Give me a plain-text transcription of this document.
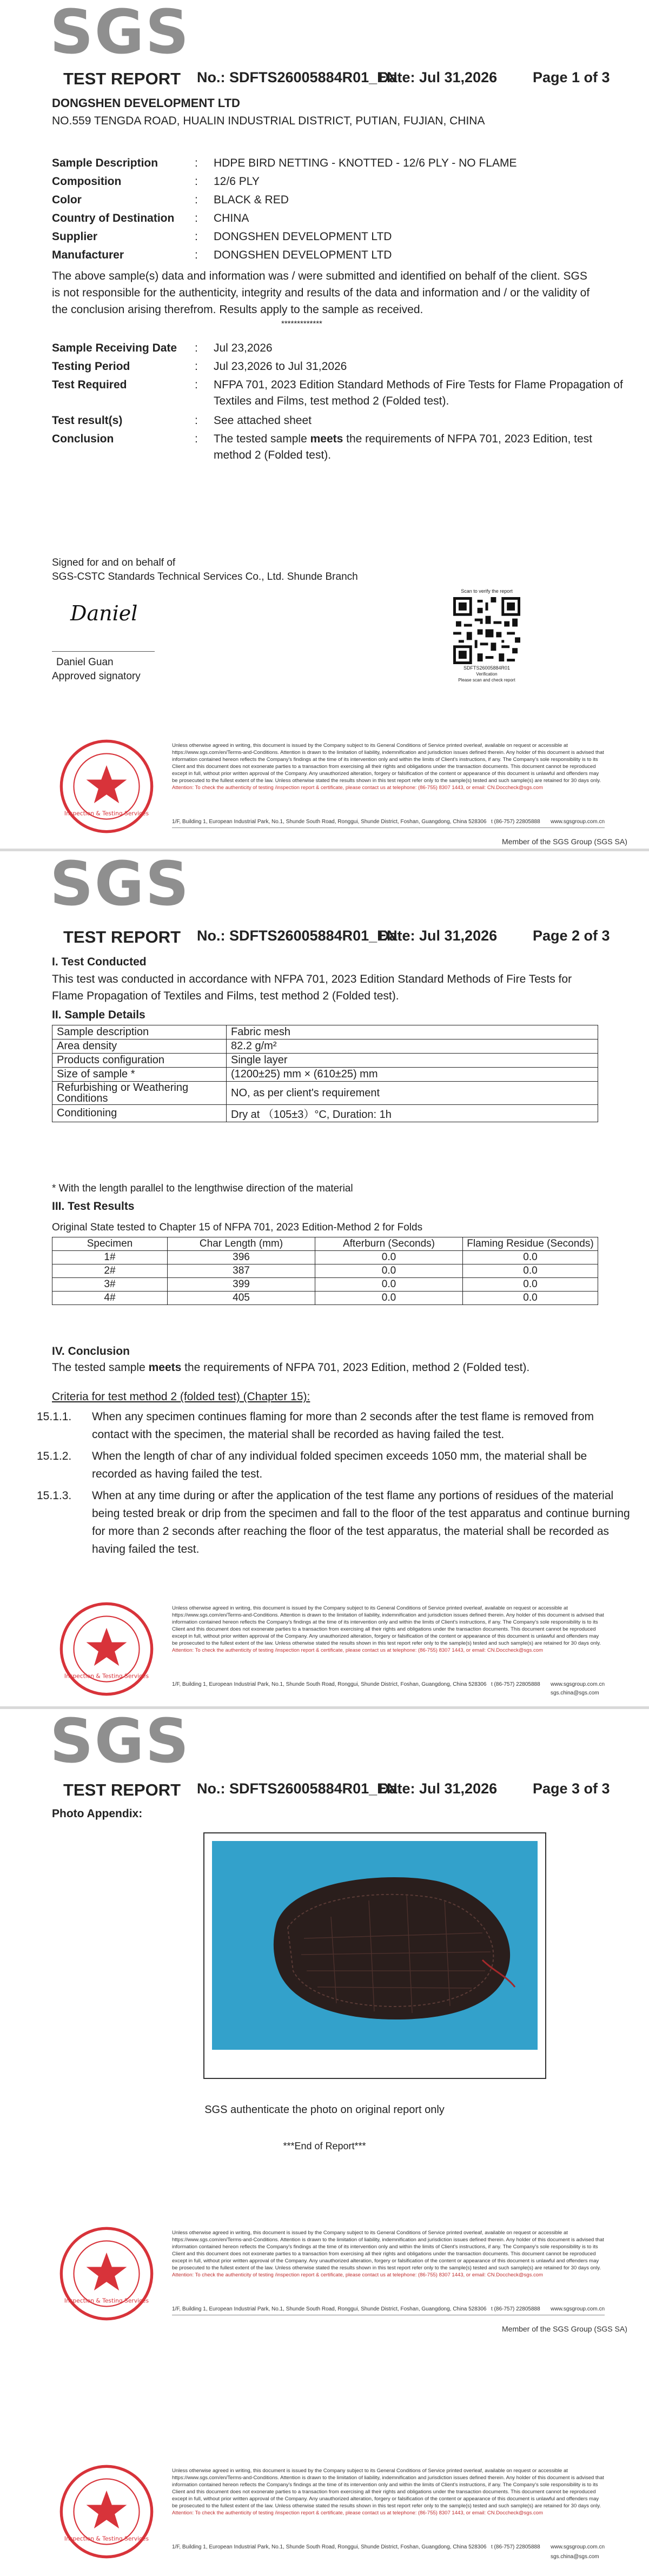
SGS
TEST REPORT No.: SDFTS26005884R01_EN
Date: Jul 31,2026 Page 1 of 3
DONGSHEN DEVELOPMENT LTD
NO.559 TENGDA ROAD, HUALIN INDUSTRIAL DISTRICT, PUTIAN, FUJIAN, CHINA
Sample Description	: HDPE BIRD NETTING - KNOTTED - 12/6 PLY - NO FLAME
Composition	: 12/6 PLY
Color	: BLACK & RED
Country of Destination : CHINA
Supplier	: DONGSHEN DEVELOPMENT LTD
Manufacturer	: DONGSHEN DEVELOPMENT LTD
The above sample(s) data and information was / were submitted and identified on behalf of the client. SGS is not responsible for the authenticity, integrity and results of the data and information and / or the validity of the conclusion arising therefrom. Results apply to the sample as received.
*************
Sample Receiving Date : Jul 23,2026
Testing Period	: Jul 23,2026 to Jul 31,2026
Test Required	: NFPA 701, 2023 Edition Standard Methods of Fire Tests for Flame Propagation of Textiles and Films, test method 2 (Folded test).
Test result(s)	: See attached sheet
Conclusion	: The tested sample meets the requirements of NFPA 701, 2023 Edition, test method 2 (Folded test).
Signed for and on behalf of
SGS-CSTC Standards Technical Services Co., Ltd. Shunde Branch
Daniel
Daniel Guan
Approved signatory
Scan to verify the report
SDFTS26005884R01
Verification
Please scan and check report
Inspection & Testing Services
Unless otherwise agreed in writing, this document is issued by the Company subject to its General Conditions of Service printed overleaf, available on request or accessible at https://www.sgs.com/en/Terms-and-Conditions. Attention is drawn to the limitation of liability, indemnification and jurisdiction issues defined therein. Any holder of this document is advised that information contained hereon reflects the Company's findings at the time of its intervention only and within the limits of Client's instructions, if any. The Company's sole responsibility is to its Client and this document does not exonerate parties to a transaction from exercising all their rights and obligations under the transaction documents. This document cannot be reproduced except in full, without prior written approval of the Company. Any unauthorized alteration, forgery or falsification of the content or appearance of this document is unlawful and offenders may be prosecuted to the fullest extent of the law. Unless otherwise stated the results shown in this test report refer only to the sample(s) tested and such sample(s) are retained for 30 days only.
Attention: To check the authenticity of testing /inspection report & certificate, please contact us at telephone: (86-755) 8307 1443, or email: CN.Doccheck@sgs.com
1/F, Building 1, European Industrial Park, No.1, Shunde South Road, Ronggui, Shunde District, Foshan, Guangdong, China 528306 t (86-757) 22805888 www.sgsgroup.com.cn
Member of the SGS Group (SGS SA)
SGS
TEST REPORT No.: SDFTS26005884R01_EN
Date: Jul 31,2026 Page 2 of 3
I. Test Conducted
This test was conducted in accordance with NFPA 701, 2023 Edition Standard Methods of Fire Tests for Flame Propagation of Textiles and Films, test method 2 (Folded test).
II. Sample Details
Sample description	Fabric mesh
Area density	82.2 g/m²
Products configuration	Single layer
Size of sample *	(1200±25) mm × (610±25) mm
Refurbishing or Weathering Conditions	NO, as per client's requirement
Conditioning	Dry at （105±3）°C, Duration: 1h
* With the length parallel to the lengthwise direction of the material
III. Test Results
Original State tested to Chapter 15 of NFPA 701, 2023 Edition-Method 2 for Folds
Specimen	Char Length (mm)	Afterburn (Seconds)	Flaming Residue (Seconds)
1#	396	0.0	0.0
2#	387	0.0	0.0
3#	399	0.0	0.0
4#	405	0.0	0.0
IV. Conclusion
The tested sample meets the requirements of NFPA 701, 2023 Edition, method 2 (Folded test).
Criteria for test method 2 (folded test) (Chapter 15):
15.1.1. When any specimen continues flaming for more than 2 seconds after the test flame is removed from contact with the specimen, the material shall be recorded as having failed the test.
15.1.2. When the length of char of any individual folded specimen exceeds 1050 mm, the material shall be recorded as having failed the test.
15.1.3. When at any time during or after the application of the test flame any portions of residues of the material being tested break or drip from the specimen and fall to the floor of the test apparatus and continue burning for more than 2 seconds after reaching the floor of the test apparatus, the material shall be recorded as having failed the test.
Inspection & Testing Services
Unless otherwise agreed in writing, this document is issued by the Company subject to its General Conditions of Service printed overleaf, available on request or accessible at https://www.sgs.com/en/Terms-and-Conditions. Attention is drawn to the limitation of liability, indemnification and jurisdiction issues defined therein. Any holder of this document is advised that information contained hereon reflects the Company's findings at the time of its intervention only and within the limits of Client's instructions, if any. The Company's sole responsibility is to its Client and this document does not exonerate parties to a transaction from exercising all their rights and obligations under the transaction documents. This document cannot be reproduced except in full, without prior written approval of the Company. Any unauthorized alteration, forgery or falsification of the content or appearance of this document is unlawful and offenders may be prosecuted to the fullest extent of the law. Unless otherwise stated the results shown in this test report refer only to the sample(s) tested and such sample(s) are retained for 30 days only.
Attention: To check the authenticity of testing /inspection report & certificate, please contact us at telephone: (86-755) 8307 1443, or email: CN.Doccheck@sgs.com
1/F, Building 1, European Industrial Park, No.1, Shunde South Road, Ronggui, Shunde District, Foshan, Guangdong, China 528306 t (86-757) 22805888 www.sgsgroup.com.cn
sgs.china@sgs.com
SGS
TEST REPORT No.: SDFTS26005884R01_EN
Date: Jul 31,2026 Page 3 of 3
Photo Appendix:
SGS authenticate the photo on original report only
***End of Report***
Inspection & Testing Services
Unless otherwise agreed in writing, this document is issued by the Company subject to its General Conditions of Service printed overleaf, available on request or accessible at https://www.sgs.com/en/Terms-and-Conditions. Attention is drawn to the limitation of liability, indemnification and jurisdiction issues defined therein. Any holder of this document is advised that information contained hereon reflects the Company's findings at the time of its intervention only and within the limits of Client's instructions, if any. The Company's sole responsibility is to its Client and this document does not exonerate parties to a transaction from exercising all their rights and obligations under the transaction documents. This document cannot be reproduced except in full, without prior written approval of the Company. Any unauthorized alteration, forgery or falsification of the content or appearance of this document is unlawful and offenders may be prosecuted to the fullest extent of the law. Unless otherwise stated the results shown in this test report refer only to the sample(s) tested and such sample(s) are retained for 30 days only.
Attention: To check the authenticity of testing /inspection report & certificate, please contact us at telephone: (86-755) 8307 1443, or email: CN.Doccheck@sgs.com
1/F, Building 1, European Industrial Park, No.1, Shunde South Road, Ronggui, Shunde District, Foshan, Guangdong, China 528306 t (86-757) 22805888 www.sgsgroup.com.cn
Member of the SGS Group (SGS SA)
Inspection & Testing Services
Unless otherwise agreed in writing, this document is issued by the Company subject to its General Conditions of Service printed overleaf, available on request or accessible at https://www.sgs.com/en/Terms-and-Conditions. Attention is drawn to the limitation of liability, indemnification and jurisdiction issues defined therein. Any holder of this document is advised that information contained hereon reflects the Company's findings at the time of its intervention only and within the limits of Client's instructions, if any. The Company's sole responsibility is to its Client and this document does not exonerate parties to a transaction from exercising all their rights and obligations under the transaction documents. This document cannot be reproduced except in full, without prior written approval of the Company. Any unauthorized alteration, forgery or falsification of the content or appearance of this document is unlawful and offenders may be prosecuted to the fullest extent of the law. Unless otherwise stated the results shown in this test report refer only to the sample(s) tested and such sample(s) are retained for 30 days only.
Attention: To check the authenticity of testing /inspection report & certificate, please contact us at telephone: (86-755) 8307 1443, or email: CN.Doccheck@sgs.com
1/F, Building 1, European Industrial Park, No.1, Shunde South Road, Ronggui, Shunde District, Foshan, Guangdong, China 528306 t (86-757) 22805888 www.sgsgroup.com.cn
sgs.china@sgs.com
